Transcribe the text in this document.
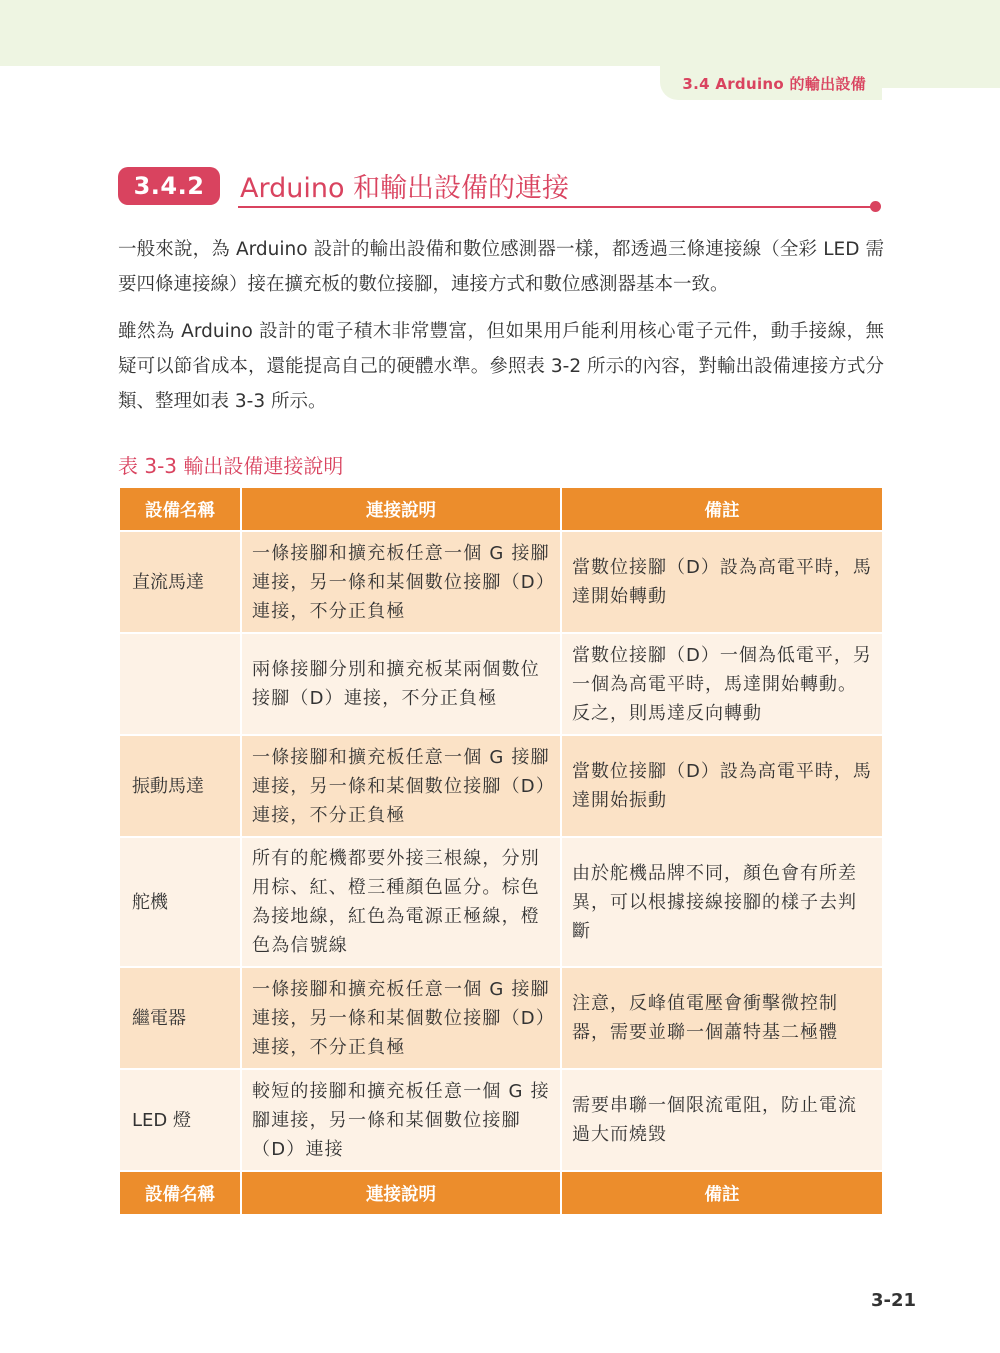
3.4 Arduino 的輸出設備
3.4.2	Arduino 和輸出設備的連接

一般來說，為 Arduino 設計的輸出設備和數位感測器一樣，都透過三條連接線（全彩 LED 需要四條連接線）接在擴充板的數位接腳，連接方式和數位感測器基本一致。

雖然為 Arduino 設計的電子積木非常豐富，但如果用戶能利用核心電子元件，動手接線，無疑可以節省成本，還能提高自己的硬體水準。參照表 3-2 所示的內容，對輸出設備連接方式分類、整理如表 3-3 所示。

表 3-3 輸出設備連接說明
設備名稱	連接說明	備註
直流馬達	一條接腳和擴充板任意一個 G 接腳連接，另一條和某個數位接腳（D）連接，不分正負極	當數位接腳（D）設為高電平時，馬達開始轉動
	兩條接腳分別和擴充板某兩個數位接腳（D）連接，不分正負極	當數位接腳（D）一個為低電平，另一個為高電平時，馬達開始轉動。反之，則馬達反向轉動
振動馬達	一條接腳和擴充板任意一個 G 接腳連接，另一條和某個數位接腳（D）連接，不分正負極	當數位接腳（D）設為高電平時，馬達開始振動
舵機	所有的舵機都要外接三根線，分別用棕、紅、橙三種顏色區分。棕色為接地線，紅色為電源正極線，橙色為信號線	由於舵機品牌不同，顏色會有所差異，可以根據接線接腳的樣子去判斷
繼電器	一條接腳和擴充板任意一個 G 接腳連接，另一條和某個數位接腳（D）連接，不分正負極	注意，反峰值電壓會衝擊微控制器，需要並聯一個蕭特基二極體
LED 燈	較短的接腳和擴充板任意一個 G 接腳連接，另一條和某個數位接腳（D）連接	需要串聯一個限流電阻，防止電流過大而燒毀
設備名稱	連接說明	備註
3-21
